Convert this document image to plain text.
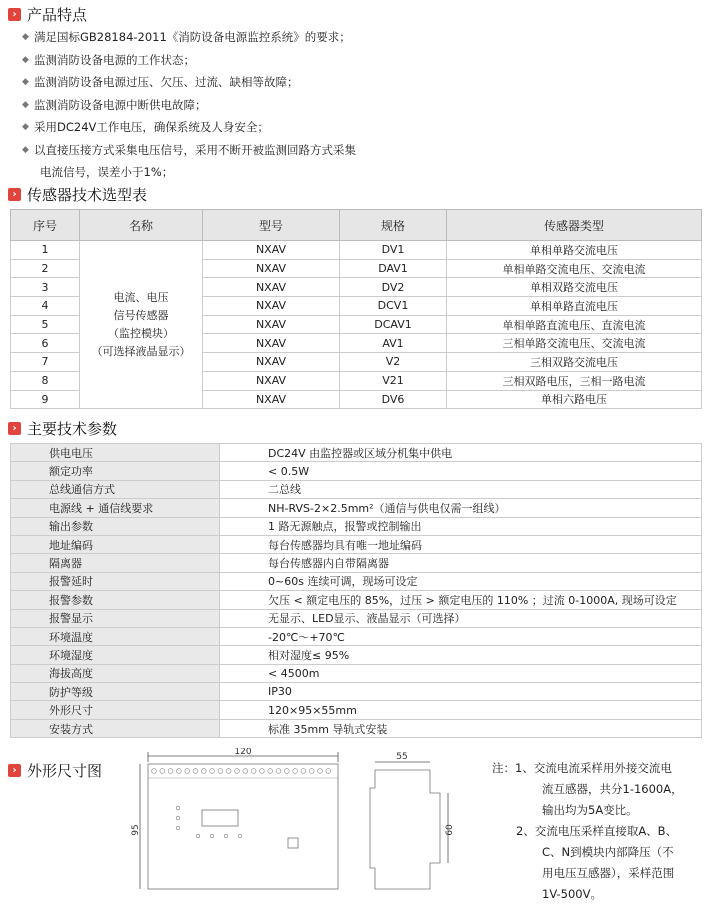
› 产品特点
◆ 满足国标GB28184-2011《消防设备电源监控系统》的要求；
◆ 监测消防设备电源的工作状态；
◆ 监测消防设备电源过压、欠压、过流、缺相等故障；
◆ 监测消防设备电源中断供电故障；
◆ 采用DC24V工作电压，确保系统及人身安全；
◆ 以直接压接方式采集电压信号，采用不断开被监测回路方式采集
电流信号，误差小于1%；
› 传感器技术选型表
序号	名称	型号	规格	传感器类型
1	电流、电压
信号传感器
（监控模块）
（可选择液晶显示）	NXAV	DV1	单相单路交流电压
2		NXAV	DAV1	单相单路交流电压、交流电流
3		NXAV	DV2	单相双路交流电压
4		NXAV	DCV1	单相单路直流电压
5		NXAV	DCAV1	单相单路直流电压、直流电流
6		NXAV	AV1	三相单路交流电压、交流电流
7		NXAV	V2	三相双路交流电压
8		NXAV	V21	三相双路电压，三相一路电流
9		NXAV	DV6	单相六路电压
› 主要技术参数
供电电压	DC24V 由监控器或区域分机集中供电
额定功率	< 0.5W
总线通信方式	二总线
电源线 + 通信线要求	NH-RVS-2×2.5mm²（通信与供电仅需一组线）
输出参数	1 路无源触点，报警或控制输出
地址编码	每台传感器均具有唯一地址编码
隔离器	每台传感器内自带隔离器
报警延时	0~60s 连续可调，现场可设定
报警参数	欠压 < 额定电压的 85%，过压 > 额定电压的 110% ；过流 0-1000A, 现场可设定
报警显示	无显示、LED显示、液晶显示（可选择）
环境温度	-20℃～+70℃
环境湿度	相对湿度≤ 95%
海拔高度	< 4500m
防护等级	IP30
外形尺寸	120×95×55mm
安装方式	标准 35mm 导轨式安装
› 外形尺寸图
120
95
55
60
注：1、交流电流采样用外接交流电
流互感器，共分1-1600A，
输出均为5A变比。
2、交流电压采样直接取A、B、
C、N到模块内部降压（不
用电压互感器），采样范围
1V-500V。
